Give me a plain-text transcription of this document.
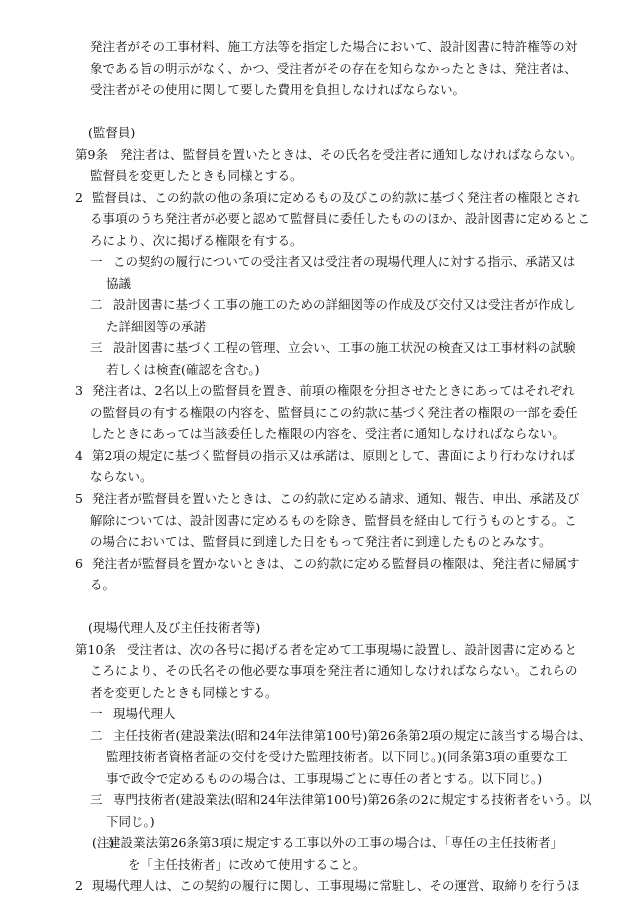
発注者がその工事材料、施工方法等を指定した場合において、設計図書に特許権等の対
象である旨の明示がなく、かつ、受注者がその存在を知らなかったときは、発注者は、
受注者がその使用に関して要した費用を負担しなければならない。
(監督員)
第9条 発注者は、監督員を置いたときは、その氏名を受注者に通知しなければならない。
監督員を変更したときも同様とする。
2 監督員は、この約款の他の条項に定めるもの及びこの約款に基づく発注者の権限とされ
る事項のうち発注者が必要と認めて監督員に委任したもののほか、設計図書に定めるとこ
ろにより、次に掲げる権限を有する。
一 この契約の履行についての受注者又は受注者の現場代理人に対する指示、承諾又は
協議
二 設計図書に基づく工事の施工のための詳細図等の作成及び交付又は受注者が作成し
た詳細図等の承諾
三 設計図書に基づく工程の管理、立会い、工事の施工状況の検査又は工事材料の試験
若しくは検査(確認を含む。)
3 発注者は、2名以上の監督員を置き、前項の権限を分担させたときにあってはそれぞれ
の監督員の有する権限の内容を、監督員にこの約款に基づく発注者の権限の一部を委任
したときにあっては当該委任した権限の内容を、受注者に通知しなければならない。
4 第2項の規定に基づく監督員の指示又は承諾は、原則として、書面により行わなければ
ならない。
5 発注者が監督員を置いたときは、この約款に定める請求、通知、報告、申出、承諾及び
解除については、設計図書に定めるものを除き、監督員を経由して行うものとする。こ
の場合においては、監督員に到達した日をもって発注者に到達したものとみなす。
6 発注者が監督員を置かないときは、この約款に定める監督員の権限は、発注者に帰属す
る。
(現場代理人及び主任技術者等)
第10条 受注者は、次の各号に掲げる者を定めて工事現場に設置し、設計図書に定めると
ころにより、その氏名その他必要な事項を発注者に通知しなければならない。これらの
者を変更したときも同様とする。
一 現場代理人
二 主任技術者(建設業法(昭和24年法律第100号)第26条第2項の規定に該当する場合は、
監理技術者資格者証の交付を受けた監理技術者。以下同じ。)(同条第3項の重要な工
事で政令で定めるものの場合は、工事現場ごとに専任の者とする。以下同じ。)
三 専門技術者(建設業法(昭和24年法律第100号)第26条の2に規定する技術者をいう。以
下同じ。)
(注)
建設業法第26条第3項に規定する工事以外の工事の場合は、「専任の主任技術者」
を「主任技術者」に改めて使用すること。
2 現場代理人は、この契約の履行に関し、工事現場に常駐し、その運営、取締りを行うほ
